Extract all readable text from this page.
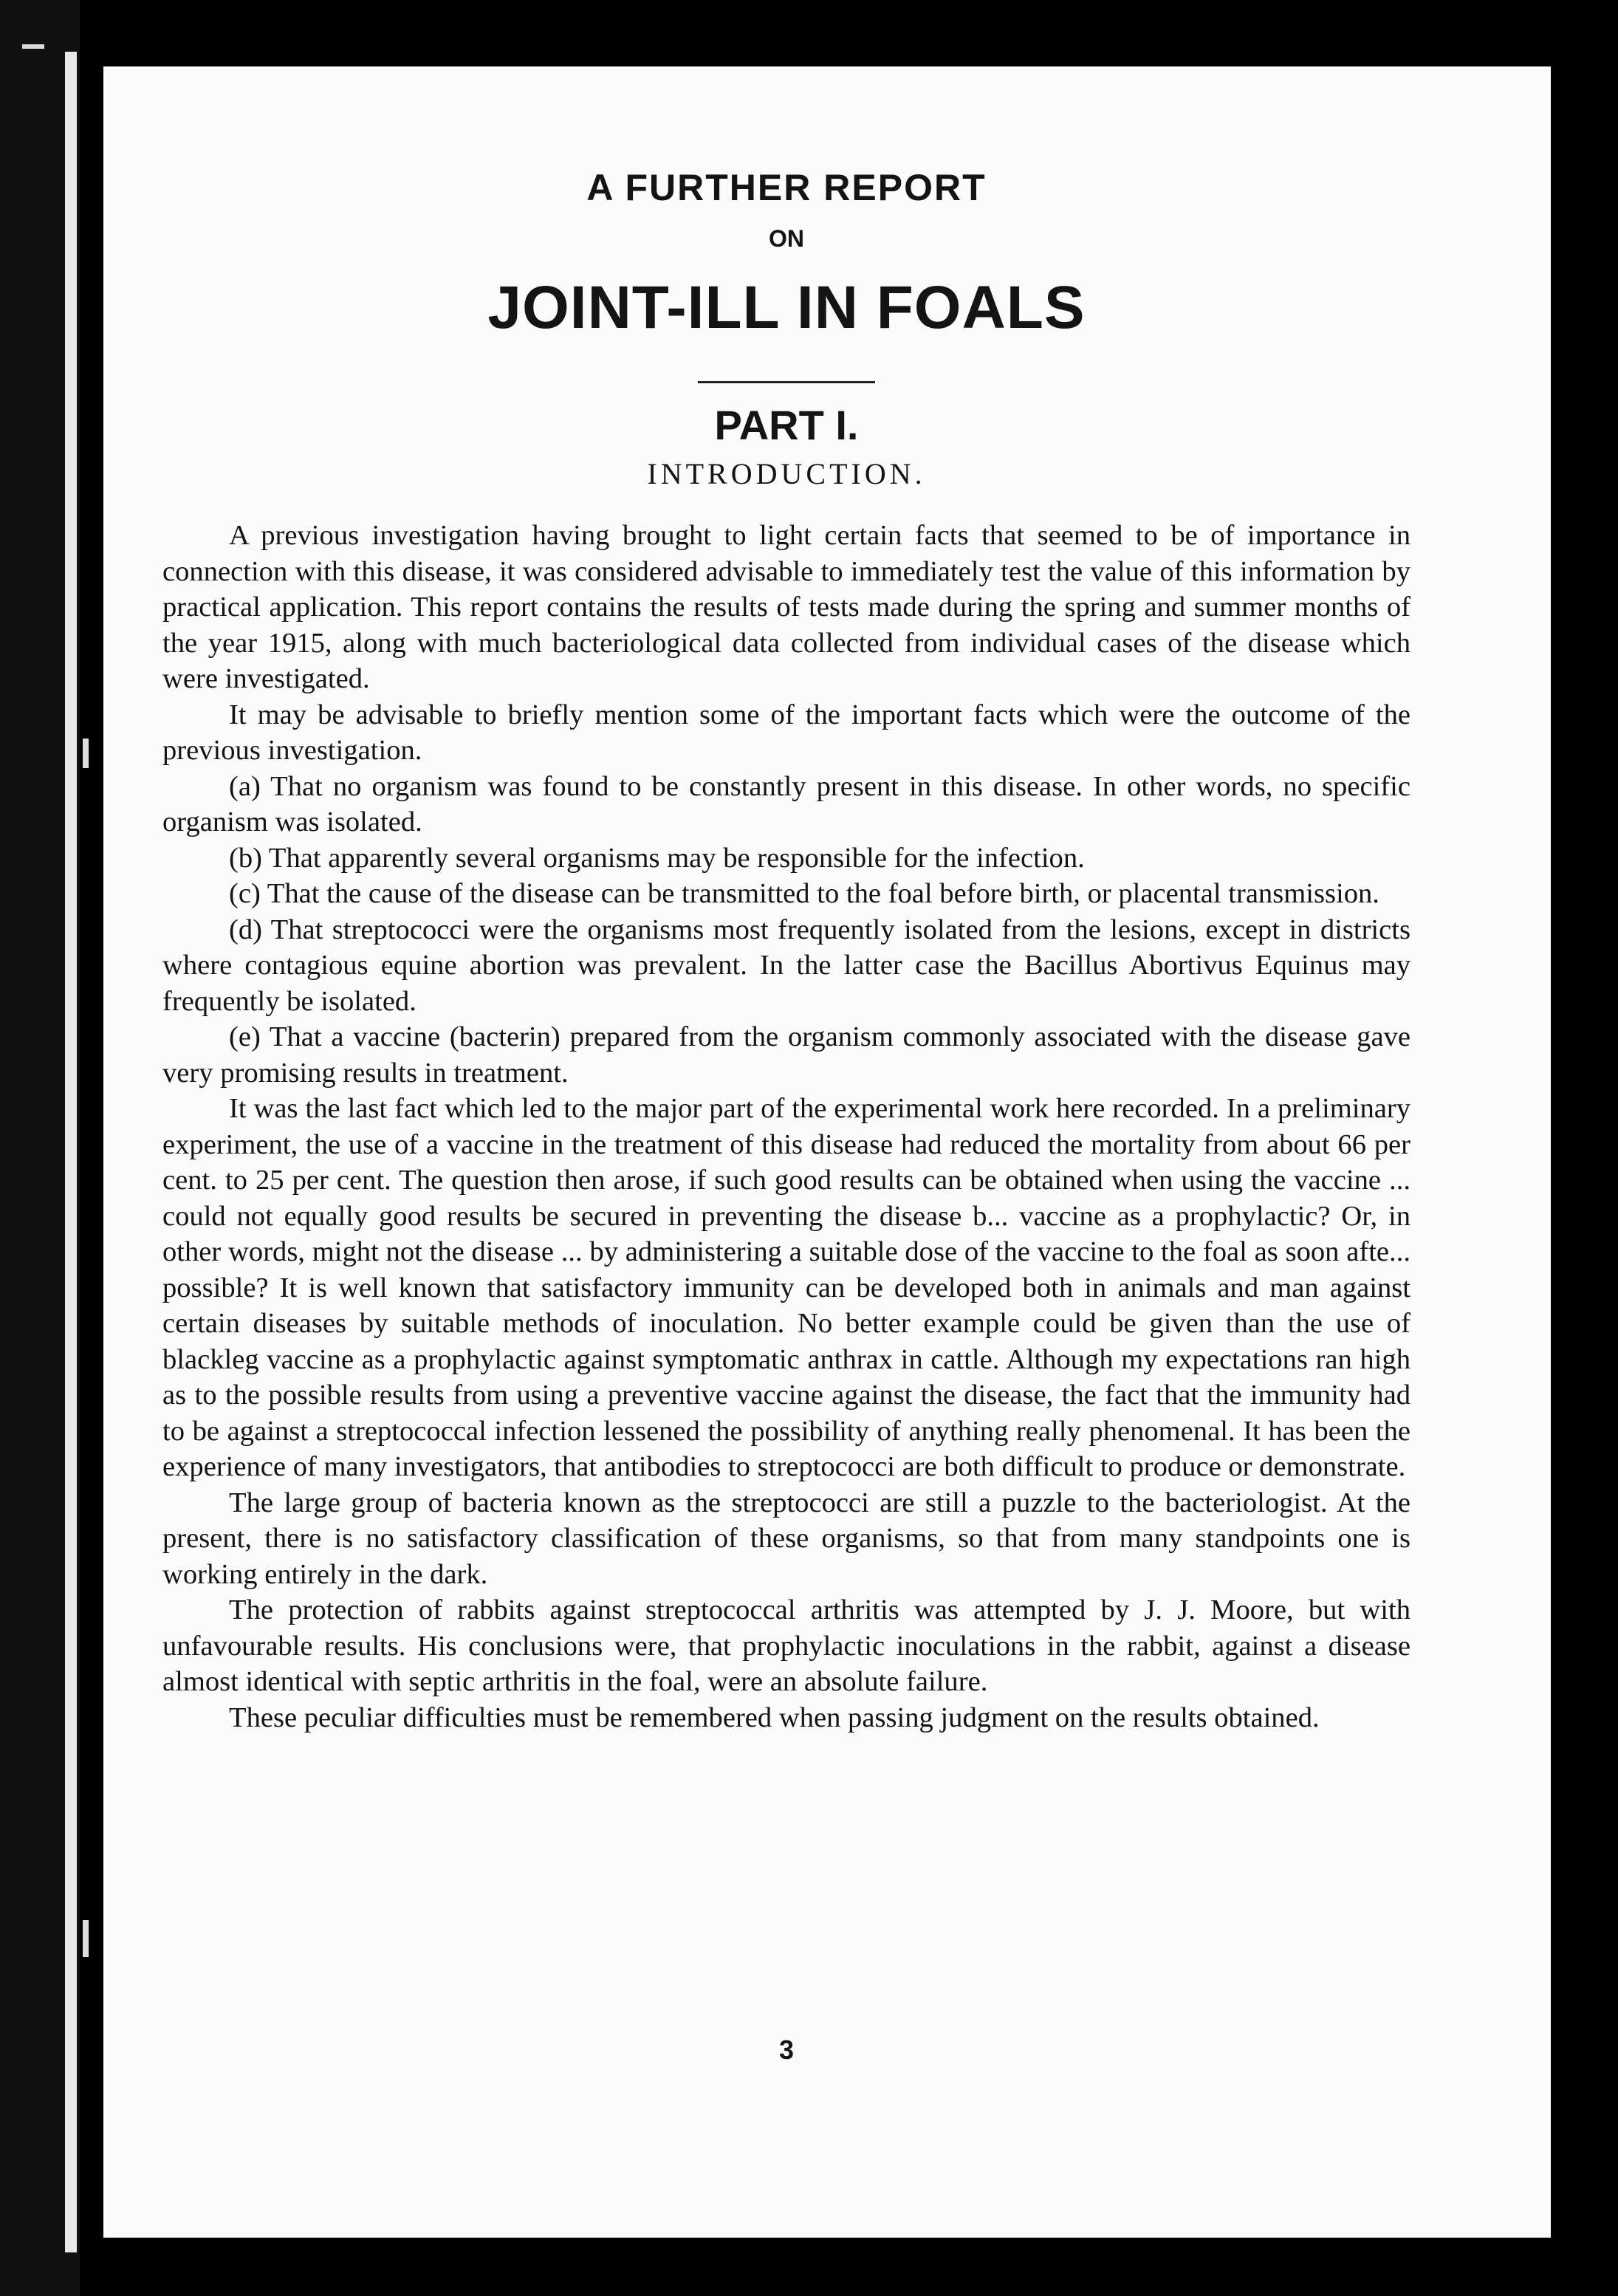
A FURTHER REPORT
ON
JOINT-ILL IN FOALS
PART I.
INTRODUCTION.

A previous investigation having brought to light certain facts that seemed to be of importance in connection with this disease, it was considered advisable to immediately test the value of this information by practical application. This report contains the results of tests made during the spring and summer months of the year 1915, along with much bacteriological data collected from individual cases of the disease which were investigated.

It may be advisable to briefly mention some of the important facts which were the outcome of the previous investigation.

(a) That no organism was found to be constantly present in this disease. In other words, no specific organism was isolated.

(b) That apparently several organisms may be responsible for the infection.

(c) That the cause of the disease can be transmitted to the foal before birth, or placental transmission.

(d) That streptococci were the organisms most frequently isolated from the lesions, except in districts where contagious equine abortion was prevalent. In the latter case the Bacillus Abortivus Equinus may frequently be isolated.

(e) That a vaccine (bacterin) prepared from the organism commonly associated with the disease gave very promising results in treatment.

It was the last fact which led to the major part of the experimental work here recorded. In a preliminary experiment, the use of a vaccine in the treatment of this disease had reduced the mortality from about 66 per cent. to 25 per cent. The question then arose, if such good results can be obtained when using the vaccine ... could not equally good results be secured in preventing the disease b... vaccine as a prophylactic? Or, in other words, might not the disease ... by administering a suitable dose of the vaccine to the foal as soon afte... possible? It is well known that satisfactory immunity can be developed both in animals and man against certain diseases by suitable methods of inoculation. No better example could be given than the use of blackleg vaccine as a prophylactic against symptomatic anthrax in cattle. Although my expectations ran high as to the possible results from using a preventive vaccine against the disease, the fact that the immunity had to be against a streptococcal infection lessened the possibility of anything really phenomenal. It has been the experience of many investigators, that antibodies to streptococci are both difficult to produce or demonstrate.

The large group of bacteria known as the streptococci are still a puzzle to the bacteriologist. At the present, there is no satisfactory classification of these organisms, so that from many standpoints one is working entirely in the dark.

The protection of rabbits against streptococcal arthritis was attempted by J. J. Moore, but with unfavourable results. His conclusions were, that prophylactic inoculations in the rabbit, against a disease almost identical with septic arthritis in the foal, were an absolute failure.

These peculiar difficulties must be remembered when passing judgment on the results obtained.

3
